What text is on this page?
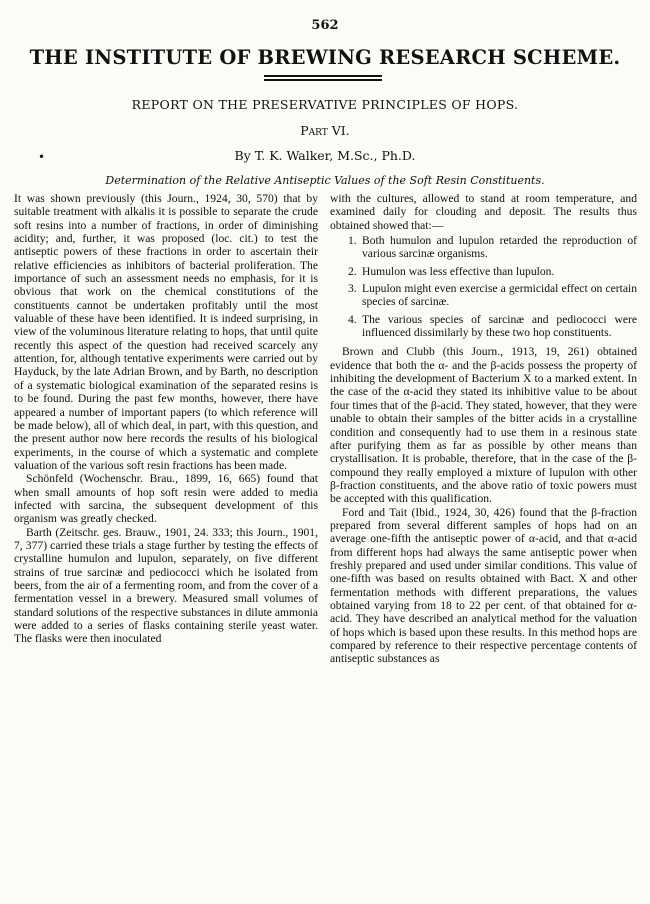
562
THE INSTITUTE OF BREWING RESEARCH SCHEME.
REPORT ON THE PRESERVATIVE PRINCIPLES OF HOPS.
Part VI.
•	By T. K. Walker, M.Sc., Ph.D.
Determination of the Relative Antiseptic Values of the Soft Resin Constituents.

It was shown previously (this Journ., 1924, 30, 570) that by suitable treatment with alkalis it is possible to separate the crude soft resins into a number of fractions, in order of diminishing acidity; and, further, it was proposed (loc. cit.) to test the antiseptic powers of these fractions in order to ascertain their relative efficiencies as inhibitors of bacterial proliferation. The importance of such an assessment needs no emphasis, for it is obvious that work on the chemical constitutions of the constituents cannot be undertaken profitably until the most valuable of these have been identified. It is indeed surprising, in view of the voluminous literature relating to hops, that until quite recently this aspect of the question had received scarcely any attention, for, although tentative experiments were carried out by Hayduck, by the late Adrian Brown, and by Barth, no description of a systematic biological examination of the separated resins is to be found. During the past few months, however, there have appeared a number of important papers (to which reference will be made below), all of which deal, in part, with this question, and the present author now here records the results of his biological experiments, in the course of which a systematic and complete valuation of the various soft resin fractions has been made.

Schönfeld (Wochenschr. Brau., 1899, 16, 665) found that when small amounts of hop soft resin were added to media infected with sarcina, the subsequent development of this organism was greatly checked.

Barth (Zeitschr. ges. Brauw., 1901, 24. 333; this Journ., 1901, 7, 377) carried these trials a stage further by testing the effects of crystalline humulon and lupulon, separately, on five different strains of true sarcinæ and pediococci which he isolated from beers, from the air of a fermenting room, and from the cover of a fermentation vessel in a brewery. Measured small volumes of standard solutions of the respective substances in dilute ammonia were added to a series of flasks containing sterile yeast water. The flasks were then inoculated

with the cultures, allowed to stand at room temperature, and examined daily for clouding and deposit. The results thus obtained showed that:—

1. Both humulon and lupulon retarded the reproduction of various sarcinæ organisms.
2. Humulon was less effective than lupulon.
3. Lupulon might even exercise a germicidal effect on certain species of sarcinæ.
4. The various species of sarcinæ and pediococci were influenced dissimilarly by these two hop constituents.

Brown and Clubb (this Journ., 1913, 19, 261) obtained evidence that both the α- and the β-acids possess the property of inhibiting the development of Bacterium X to a marked extent. In the case of the α-acid they stated its inhibitive value to be about four times that of the β-acid. They stated, however, that they were unable to obtain their samples of the bitter acids in a crystalline condition and consequently had to use them in a resinous state after purifying them as far as possible by other means than crystallisation. It is probable, therefore, that in the case of the β-compound they really employed a mixture of lupulon with other β-fraction constituents, and the above ratio of toxic powers must be accepted with this qualification.

Ford and Tait (Ibid., 1924, 30, 426) found that the β-fraction prepared from several different samples of hops had on an average one-fifth the antiseptic power of α-acid, and that α-acid from different hops had always the same antiseptic power when freshly prepared and used under similar conditions. This value of one-fifth was based on results obtained with Bact. X and other fermentation methods with different preparations, the values obtained varying from 18 to 22 per cent. of that obtained for α-acid. They have described an analytical method for the valuation of hops which is based upon these results. In this method hops are compared by reference to their respective percentage contents of antiseptic substances as
